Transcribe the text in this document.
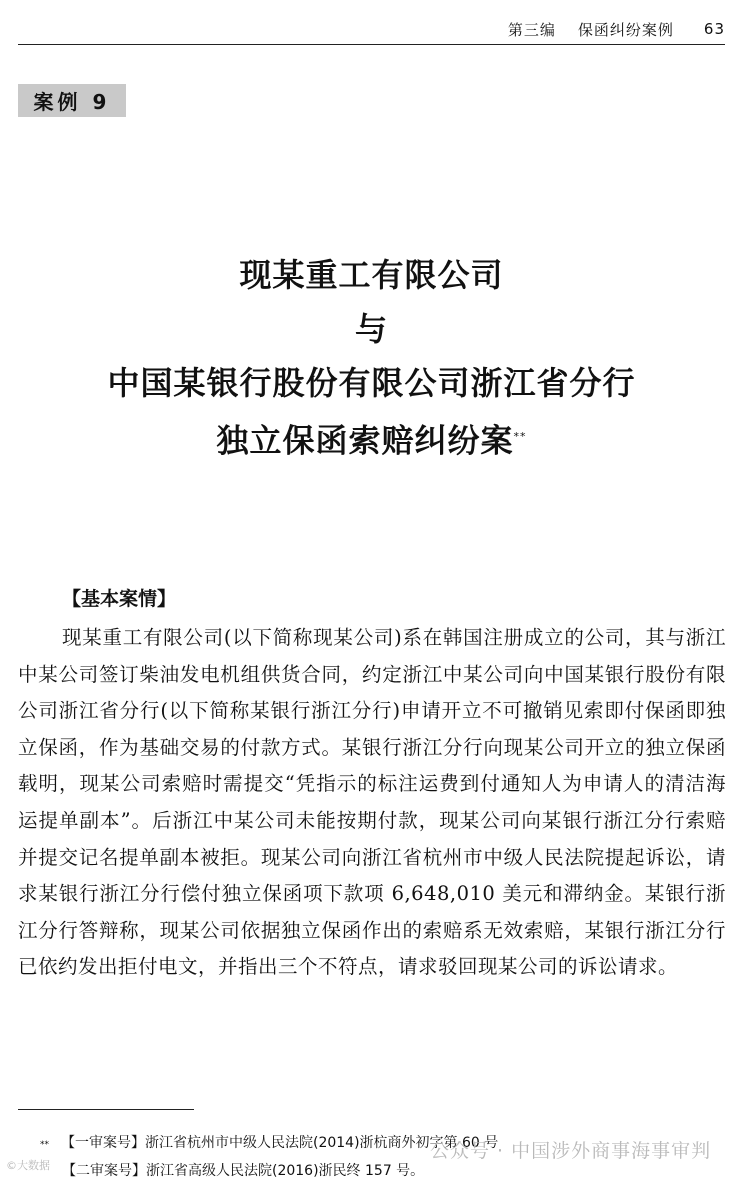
第三编 保函纠纷案例 63
案例 9
现某重工有限公司
与
中国某银行股份有限公司浙江省分行
独立保函索赔纠纷案**
【基本案情】
现某重工有限公司(以下简称现某公司)系在韩国注册成立的公司，其与浙江中某公司签订柴油发电机组供货合同，约定浙江中某公司向中国某银行股份有限公司浙江省分行(以下简称某银行浙江分行)申请开立不可撤销见索即付保函即独立保函，作为基础交易的付款方式。某银行浙江分行向现某公司开立的独立保函载明，现某公司索赔时需提交“凭指示的标注运费到付通知人为申请人的清洁海运提单副本”。后浙江中某公司未能按期付款，现某公司向某银行浙江分行索赔并提交记名提单副本被拒。现某公司向浙江省杭州市中级人民法院提起诉讼，请求某银行浙江分行偿付独立保函项下款项 6,648,010 美元和滞纳金。某银行浙江分行答辩称，现某公司依据独立保函作出的索赔系无效索赔，某银行浙江分行已依约发出拒付电文，并指出三个不符点，请求驳回现某公司的诉讼请求。
** 【一审案号】浙江省杭州市中级人民法院(2014)浙杭商外初字第 60 号
【二审案号】浙江省高级人民法院(2016)浙民终 157 号。
公众号 · 中国涉外商事海事审判
©大数据
